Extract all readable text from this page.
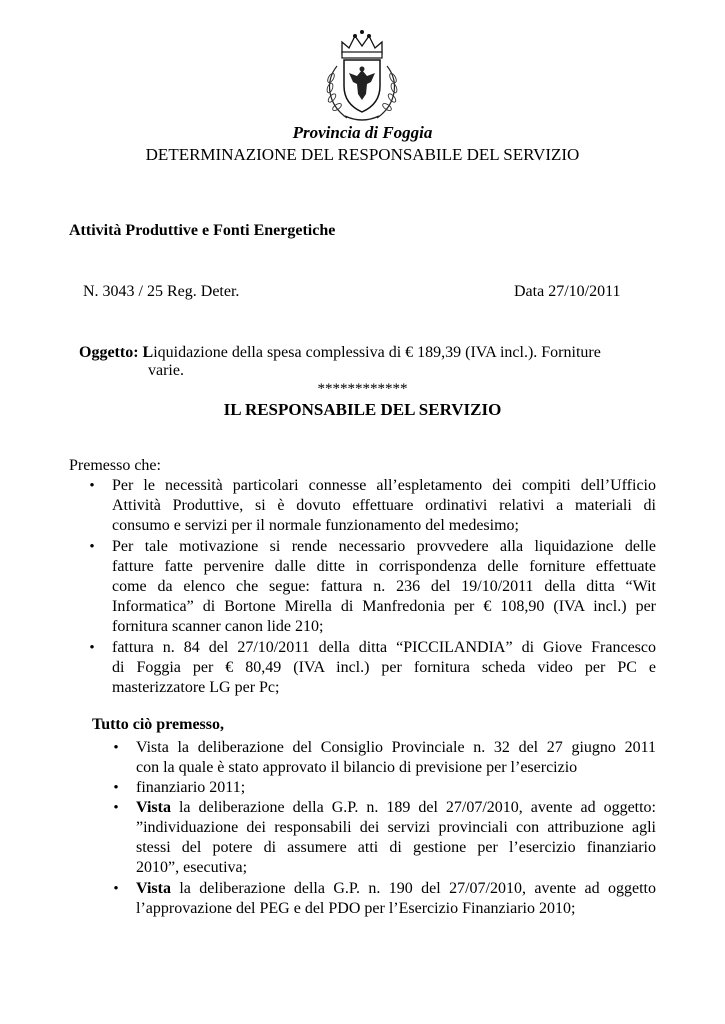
Provincia di Foggia
DETERMINAZIONE DEL RESPONSABILE DEL SERVIZIO
Attività Produttive e Fonti Energetiche
N. 3043 / 25 Reg. Deter.	Data 27/10/2011
Oggetto: Liquidazione della spesa complessiva di € 189,39 (IVA incl.). Forniture
varie.
************
IL RESPONSABILE DEL SERVIZIO
Premesso che:
• Per le necessità particolari connesse all’espletamento dei compiti dell’Ufficio
Attività Produttive, si è dovuto effettuare ordinativi relativi a materiali di
consumo e servizi per il normale funzionamento del medesimo;
• Per tale motivazione si rende necessario provvedere alla liquidazione delle
fatture fatte pervenire dalle ditte in corrispondenza delle forniture effettuate
come da elenco che segue: fattura n. 236 del 19/10/2011 della ditta “Wit
Informatica” di Bortone Mirella di Manfredonia per € 108,90 (IVA incl.) per
fornitura scanner canon lide 210;
• fattura n. 84 del 27/10/2011 della ditta “PICCILANDIA” di Giove Francesco
di Foggia per € 80,49 (IVA incl.) per fornitura scheda video per PC e
masterizzatore LG per Pc;
Tutto ciò premesso,
• Vista la deliberazione del Consiglio Provinciale n. 32 del 27 giugno 2011
con la quale è stato approvato il bilancio di previsione per l’esercizio
• finanziario 2011;
• Vista la deliberazione della G.P. n. 189 del 27/07/2010, avente ad oggetto:
”individuazione dei responsabili dei servizi provinciali con attribuzione agli
stessi del potere di assumere atti di gestione per l’esercizio finanziario
2010”, esecutiva;
• Vista la deliberazione della G.P. n. 190 del 27/07/2010, avente ad oggetto
l’approvazione del PEG e del PDO per l’Esercizio Finanziario 2010;
